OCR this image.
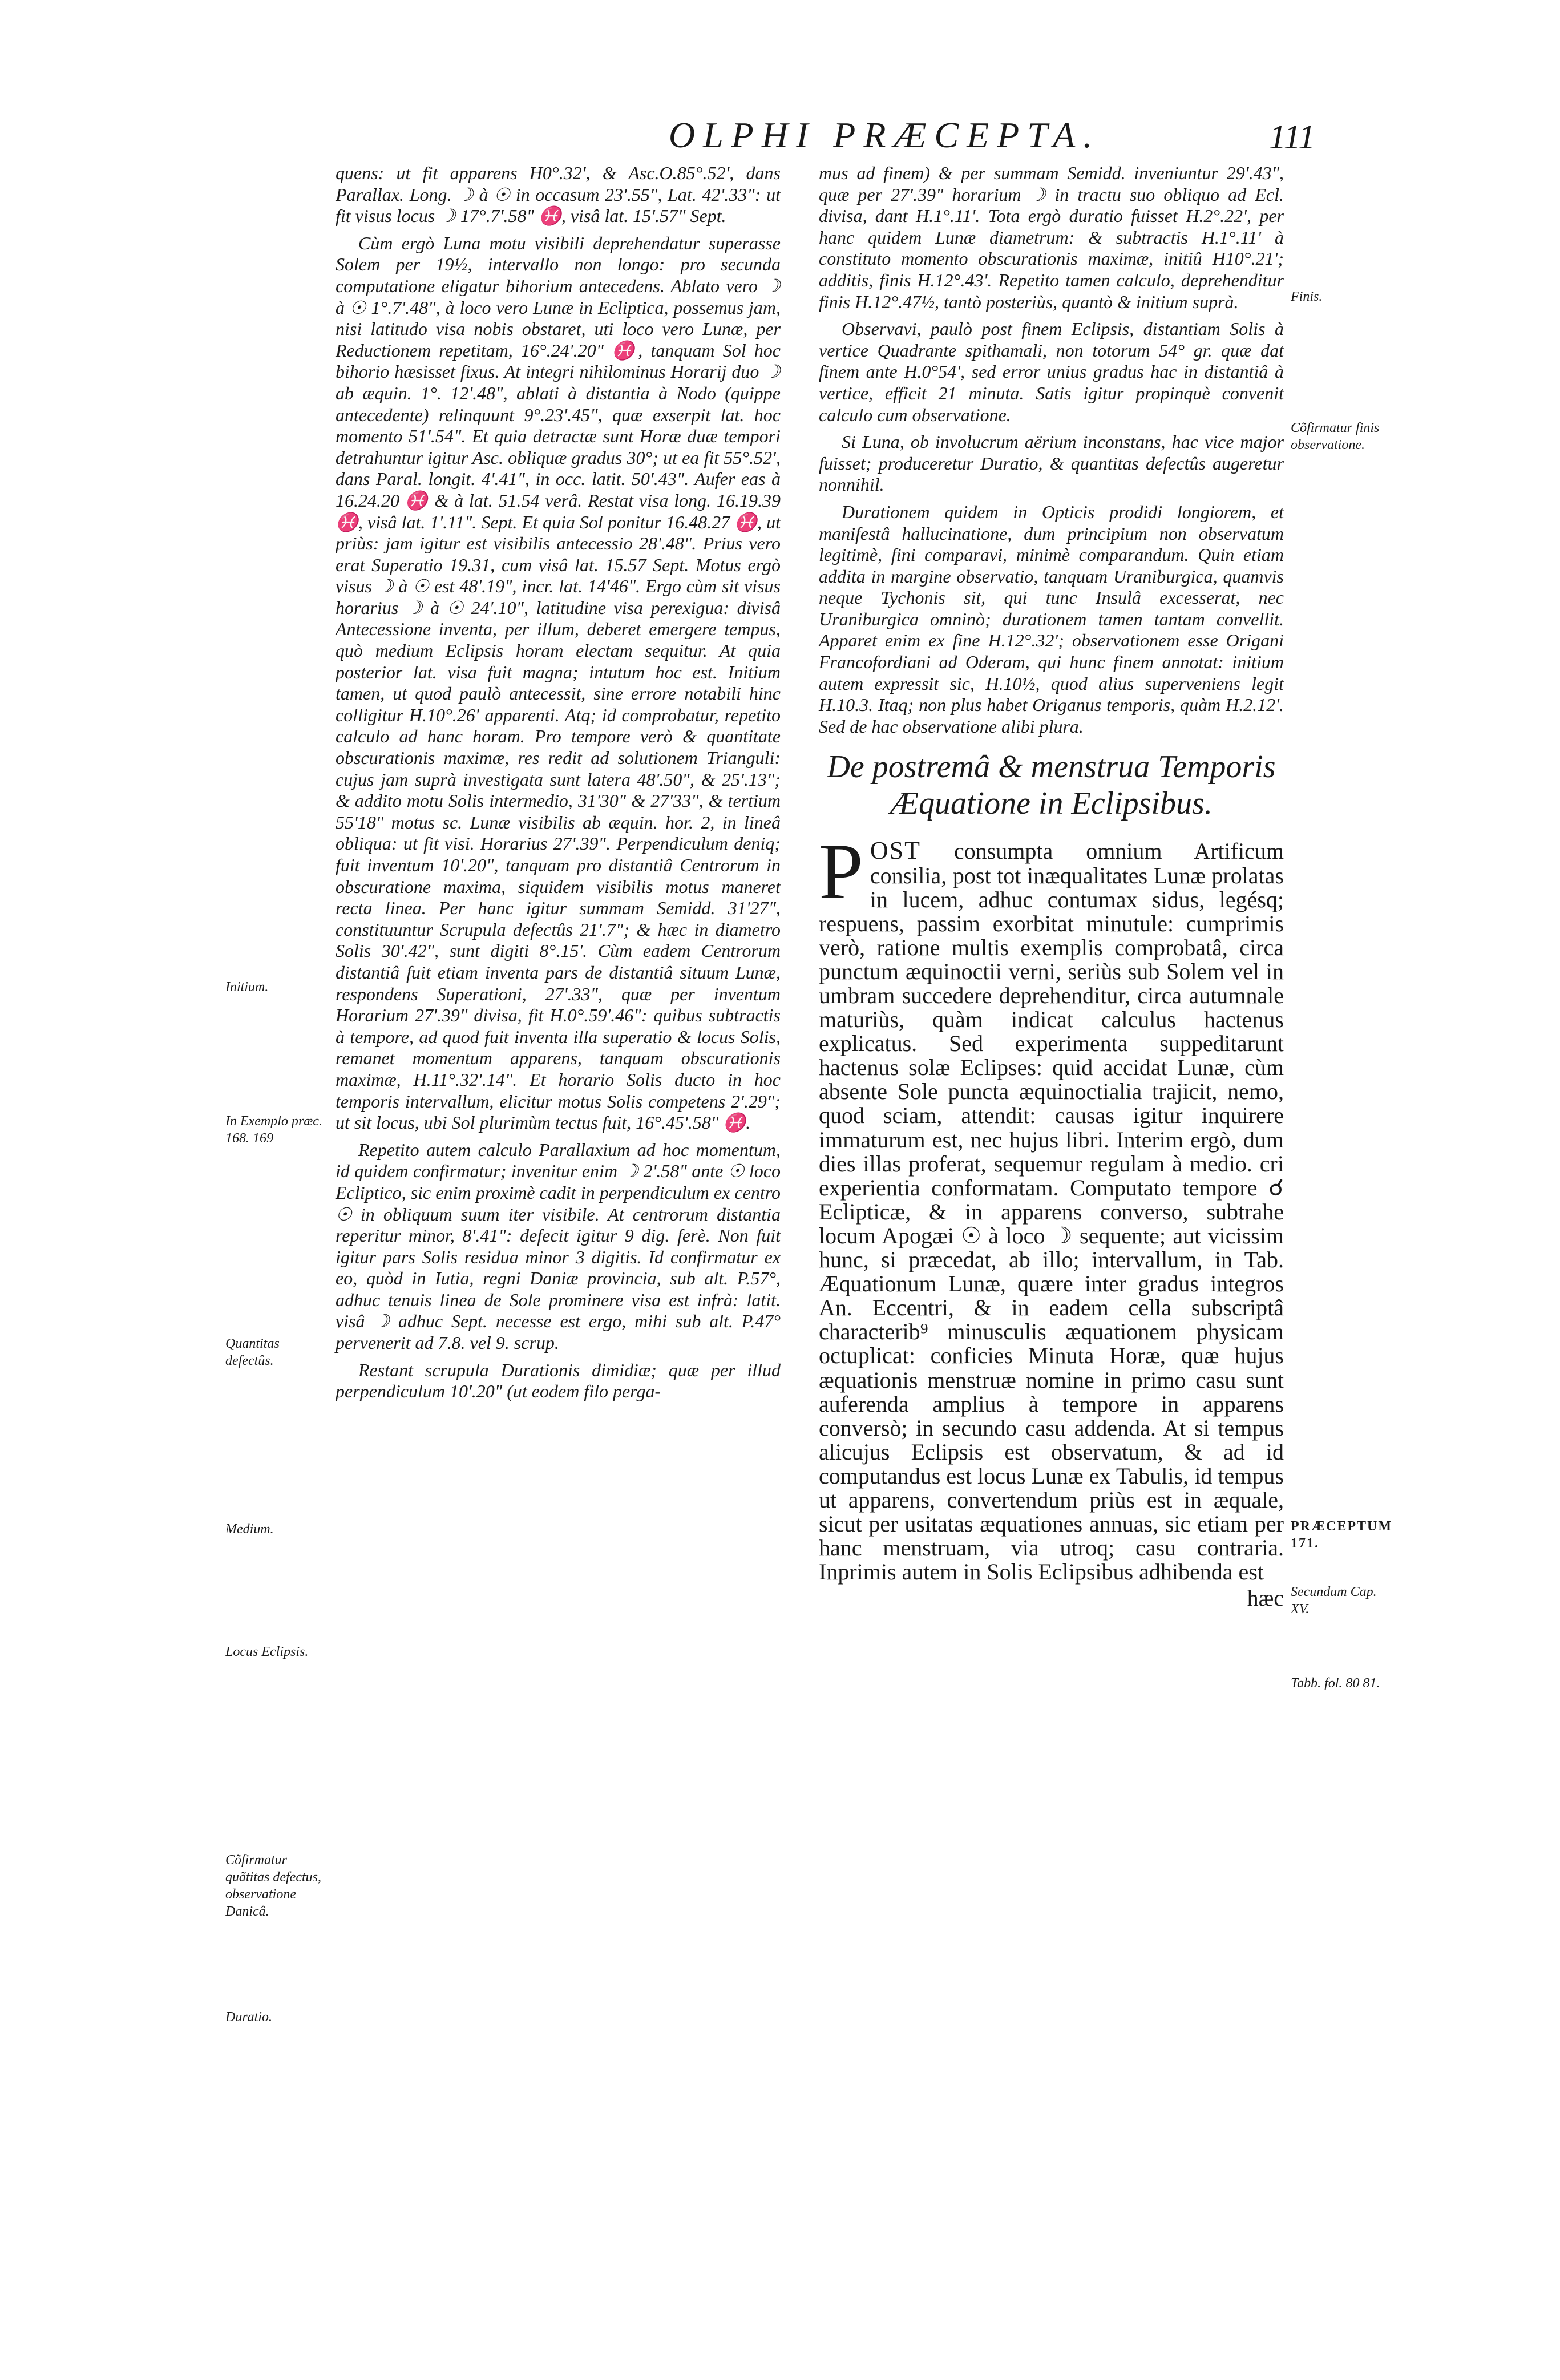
OLPHI PRÆCEPTA.	111

quens: ut fit apparens H0°.32', & Asc.O.85°.52', dans Parallax. Long. ☽ à ☉ in occasum 23'.55", Lat. 42'.33": ut fit visus locus ☽ 17°.7'.58" ♓, visâ lat. 15'.57" Sept.

Cùm ergò Luna motu visibili deprehendatur superasse Solem per 19½, intervallo non longo: pro secunda computatione eligatur bihorium antecedens. Ablato vero ☽ à ☉ 1°.7'.48", à loco vero Lunæ in Ecliptica, possemus jam, nisi latitudo visa nobis obstaret, uti loco vero Lunæ, per Reductionem repetitam, 16°.24'.20" ♓, tanquam Sol hoc bihorio hæsisset fixus. At integri nihilominus Horarij duo ☽ ab æquin. 1°. 12'.48", ablati à distantia à Nodo (quippe antecedente) relinquunt 9°.23'.45", quæ exserpit lat. hoc momento 51'.54". Et quia detractæ sunt Horæ duæ tempori detrahuntur igitur Asc. obliquæ gradus 30°; ut ea fit 55°.52', dans Paral. longit. 4'.41", in occ. latit. 50'.43". Aufer eas à 16.24.20 ♓ & à lat. 51.54 verâ. Restat visa long. 16.19.39 ♓, visâ lat. 1'.11". Sept. Et quia Sol ponitur 16.48.27 ♓, ut priùs: jam igitur est visibilis antecessio 28'.48". Prius vero erat Superatio 19.31, cum visâ lat. 15.57 Sept. Motus ergò visus ☽ à ☉ est 48'.19", incr. lat. 14'46". Ergo cùm sit visus horarius ☽ à ☉ 24'.10", latitudine visa perexigua: divisâ Antecessione inventa, per illum, deberet emergere tempus, quò medium Eclipsis horam electam sequitur. At quia posterior lat. visa fuit magna; intutum hoc est. Initium tamen, ut quod paulò antecessit, sine errore notabili hinc colligitur H.10°.26' apparenti. Atq; id comprobatur, repetito calculo ad hanc horam. Pro tempore verò & quantitate obscurationis maximæ, res redit ad solutionem Trianguli: cujus jam suprà investigata sunt latera 48'.50", & 25'.13"; & addito motu Solis intermedio, 31'30" & 27'33", & tertium 55'18" motus sc. Lunæ visibilis ab æquin. hor. 2, in lineâ obliqua: ut fit visi. Horarius 27'.39". Perpendiculum deniq; fuit inventum 10'.20", tanquam pro distantiâ Centrorum in obscuratione maxima, siquidem visibilis motus maneret recta linea. Per hanc igitur summam Semidd. 31'27", constituuntur Scrupula defectûs 21'.7"; & hæc in diametro Solis 30'.42", sunt digiti 8°.15'. Cùm eadem Centrorum distantiâ fuit etiam inventa pars de distantiâ situum Lunæ, respondens Superationi, 27'.33", quæ per inventum Horarium 27'.39" divisa, fit H.0°.59'.46": quibus subtractis à tempore, ad quod fuit inventa illa superatio & locus Solis, remanet momentum apparens, tanquam obscurationis maximæ, H.11°.32'.14". Et horario Solis ducto in hoc temporis intervallum, elicitur motus Solis competens 2'.29"; ut sit locus, ubi Sol plurimùm tectus fuit, 16°.45'.58" ♓.

Repetito autem calculo Parallaxium ad hoc momentum, id quidem confirmatur; invenitur enim ☽ 2'.58" ante ☉ loco Ecliptico, sic enim proximè cadit in perpendiculum ex centro ☉ in obliquum suum iter visibile. At centrorum distantia reperitur minor, 8'.41": defecit igitur 9 dig. ferè. Non fuit igitur pars Solis residua minor 3 digitis. Id confirmatur ex eo, quòd in Iutia, regni Daniæ provincia, sub alt. P.57°, adhuc tenuis linea de Sole prominere visa est infrà: latit. visâ ☽ adhuc Sept. necesse est ergo, mihi sub alt. P.47° pervenerit ad 7.8. vel 9. scrup.

Restant scrupula Durationis dimidiæ; quæ per illud perpendiculum 10'.20" (ut eodem filo perga-

mus ad finem) & per summam Semidd. inveniuntur 29'.43", quæ per 27'.39" horarium ☽ in tractu suo obliquo ad Ecl. divisa, dant H.1°.11'. Tota ergò duratio fuisset H.2°.22', per hanc quidem Lunæ diametrum: & subtractis H.1°.11' à constituto momento obscurationis maximæ, initiû H10°.21'; additis, finis H.12°.43'. Repetito tamen calculo, deprehenditur finis H.12°.47½, tantò posteriùs, quantò & initium suprà.

Observavi, paulò post finem Eclipsis, distantiam Solis à vertice Quadrante spithamali, non totorum 54° gr. quæ dat finem ante H.0°54', sed error unius gradus hac in distantiâ à vertice, efficit 21 minuta. Satis igitur propinquè convenit calculo cum observatione.

Si Luna, ob involucrum aërium inconstans, hac vice major fuisset; produceretur Duratio, & quantitas defectûs augeretur nonnihil.

Durationem quidem in Opticis prodidi longiorem, et manifestâ hallucinatione, dum principium non observatum legitimè, fini comparavi, minimè comparandum. Quin etiam addita in margine observatio, tanquam Uraniburgica, quamvis neque Tychonis sit, qui tunc Insulâ excesserat, nec Uraniburgica omninò; durationem tamen tantam convellit. Apparet enim ex fine H.12°.32'; observationem esse Origani Francofordiani ad Oderam, qui hunc finem annotat: initium autem expressit sic, H.10½, quod alius superveniens legit H.10.3. Itaq; non plus habet Origanus temporis, quàm H.2.12'. Sed de hac observatione alibi plura.

De postremâ & menstrua Temporis Æquatione in Eclipsibus.

POST consumpta omnium Artificum consilia, post tot inæqualitates Lunæ prolatas in lucem, adhuc contumax sidus, legésq; respuens, passim exorbitat minutule: cumprimis verò, ratione multis exemplis comprobatâ, circa punctum æquinoctii verni, seriùs sub Solem vel in umbram succedere deprehenditur, circa autumnale maturiùs, quàm indicat calculus hactenus explicatus. Sed experimenta suppeditarunt hactenus solæ Eclipses: quid accidat Lunæ, cùm absente Sole puncta æquinoctialia trajicit, nemo, quod sciam, attendit: causas igitur inquirere immaturum est, nec hujus libri. Interim ergò, dum dies illas proferat, sequemur regulam à medio. cri experientia conformatam. Computato tempore ☌ Eclipticæ, & in apparens converso, subtrahe locum Apogæi ☉ à loco ☽ sequente; aut vicissim hunc, si præcedat, ab illo; intervallum, in Tab. Æquationum Lunæ, quære inter gradus integros An. Eccentri, & in eadem cella subscriptâ characterib⁹ minusculis æquationem physicam octuplicat: conficies Minuta Horæ, quæ hujus æquationis menstruæ nomine in primo casu sunt auferenda amplius à tempore in apparens conversò; in secundo casu addenda. At si tempus alicujus Eclipsis est observatum, & ad id computandus est locus Lunæ ex Tabulis, id tempus ut apparens, convertendum priùs est in æquale, sicut per usitatas æquationes annuas, sic etiam per hanc menstruam, via utroq; casu contraria. Inprimis autem in Solis Eclipsibus adhibenda est

hæc

Initium.
In Exemplo præc. 168. 169
Quantitas defectûs.
Medium.
Locus Eclipsis.
Cõfirmatur quãtitas defectus, observatione Danicâ.
Duratio.
Finis.
Cõfirmatur finis observatione.
PRÆCEPTUM 171.
Secundum Cap. XV.
Tabb. fol. 80 81.
